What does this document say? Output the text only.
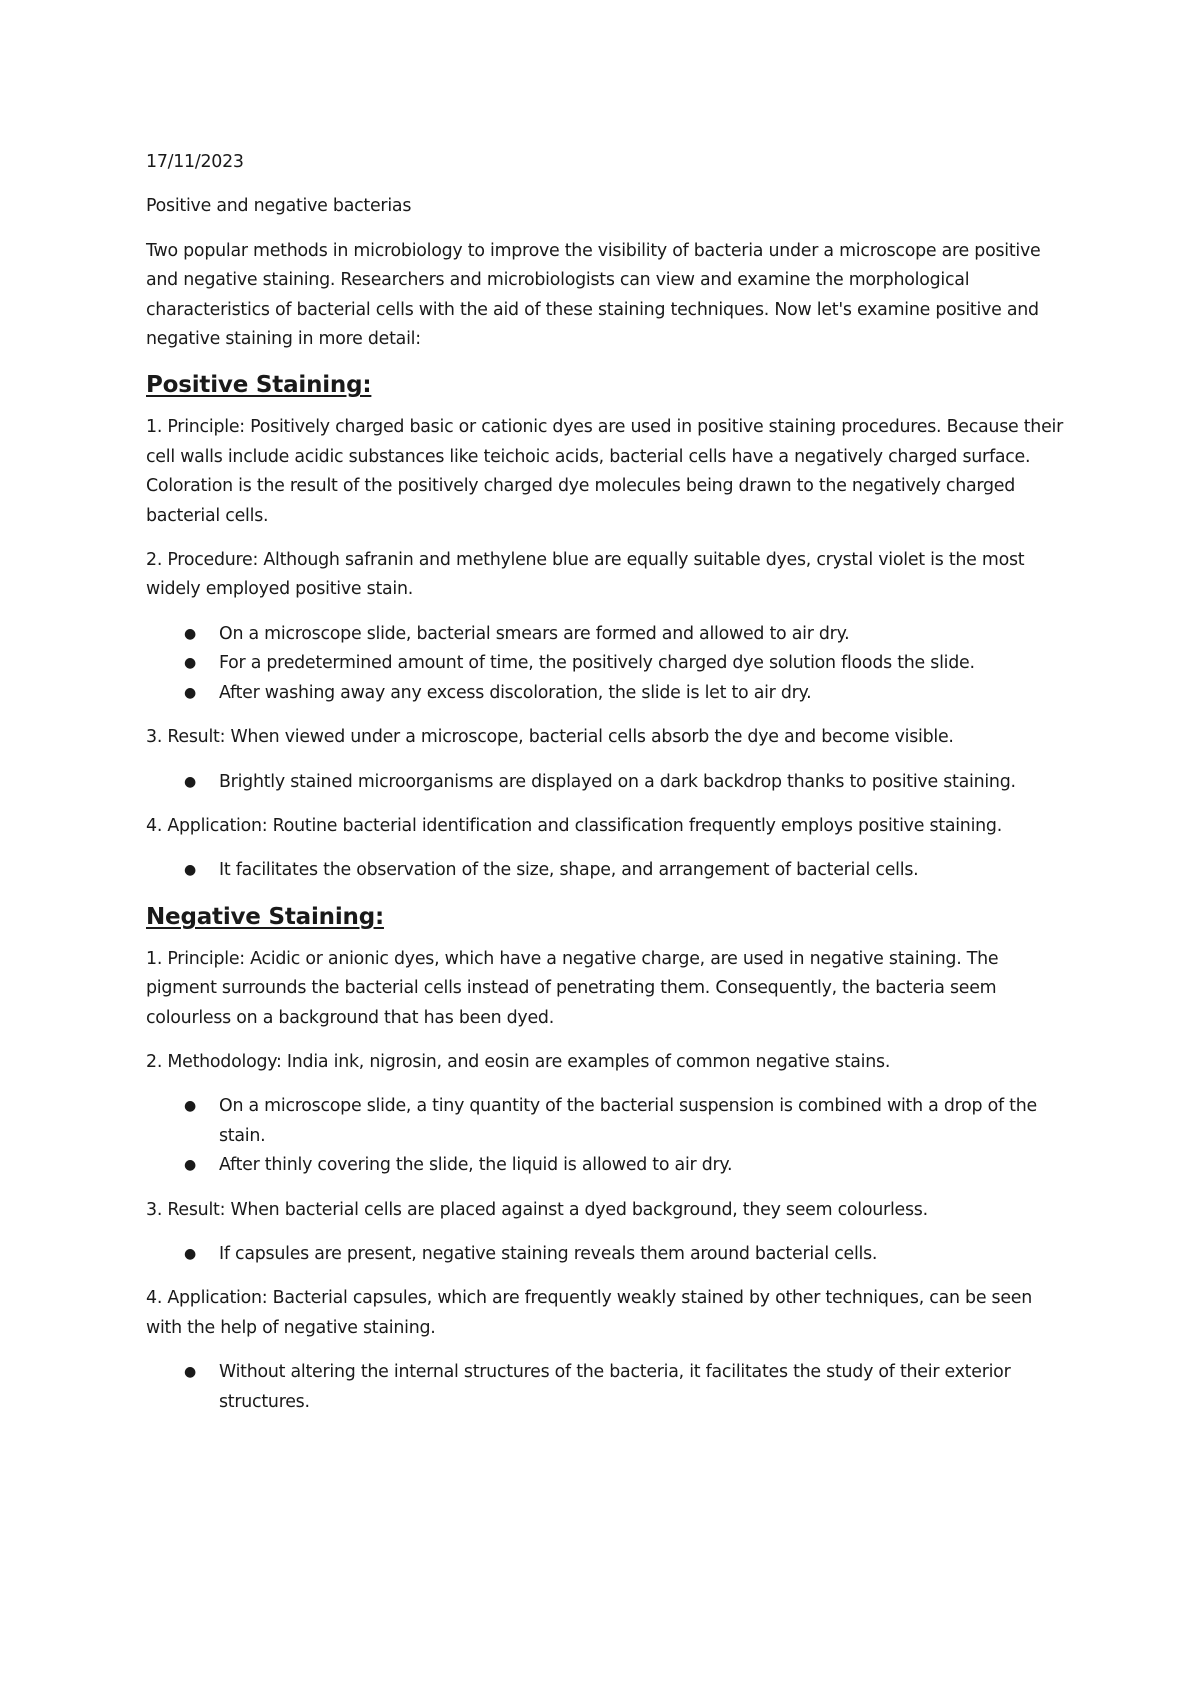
17/11/2023

Positive and negative bacterias

Two popular methods in microbiology to improve the visibility of bacteria under a microscope are positive and negative staining. Researchers and microbiologists can view and examine the morphological characteristics of bacterial cells with the aid of these staining techniques. Now let's examine positive and negative staining in more detail:

Positive Staining:

1. Principle: Positively charged basic or cationic dyes are used in positive staining procedures. Because their cell walls include acidic substances like teichoic acids, bacterial cells have a negatively charged surface. Coloration is the result of the positively charged dye molecules being drawn to the negatively charged bacterial cells.

2. Procedure: Although safranin and methylene blue are equally suitable dyes, crystal violet is the most widely employed positive stain.

● On a microscope slide, bacterial smears are formed and allowed to air dry.
● For a predetermined amount of time, the positively charged dye solution floods the slide.
● After washing away any excess discoloration, the slide is let to air dry.

3. Result: When viewed under a microscope, bacterial cells absorb the dye and become visible.

● Brightly stained microorganisms are displayed on a dark backdrop thanks to positive staining.

4. Application: Routine bacterial identification and classification frequently employs positive staining.

● It facilitates the observation of the size, shape, and arrangement of bacterial cells.
Negative Staining:

1. Principle: Acidic or anionic dyes, which have a negative charge, are used in negative staining. The pigment surrounds the bacterial cells instead of penetrating them. Consequently, the bacteria seem colourless on a background that has been dyed.

2. Methodology: India ink, nigrosin, and eosin are examples of common negative stains.

● On a microscope slide, a tiny quantity of the bacterial suspension is combined with a drop of the stain.
● After thinly covering the slide, the liquid is allowed to air dry.

3. Result: When bacterial cells are placed against a dyed background, they seem colourless.

● If capsules are present, negative staining reveals them around bacterial cells.

4. Application: Bacterial capsules, which are frequently weakly stained by other techniques, can be seen with the help of negative staining.

● Without altering the internal structures of the bacteria, it facilitates the study of their exterior structures.
